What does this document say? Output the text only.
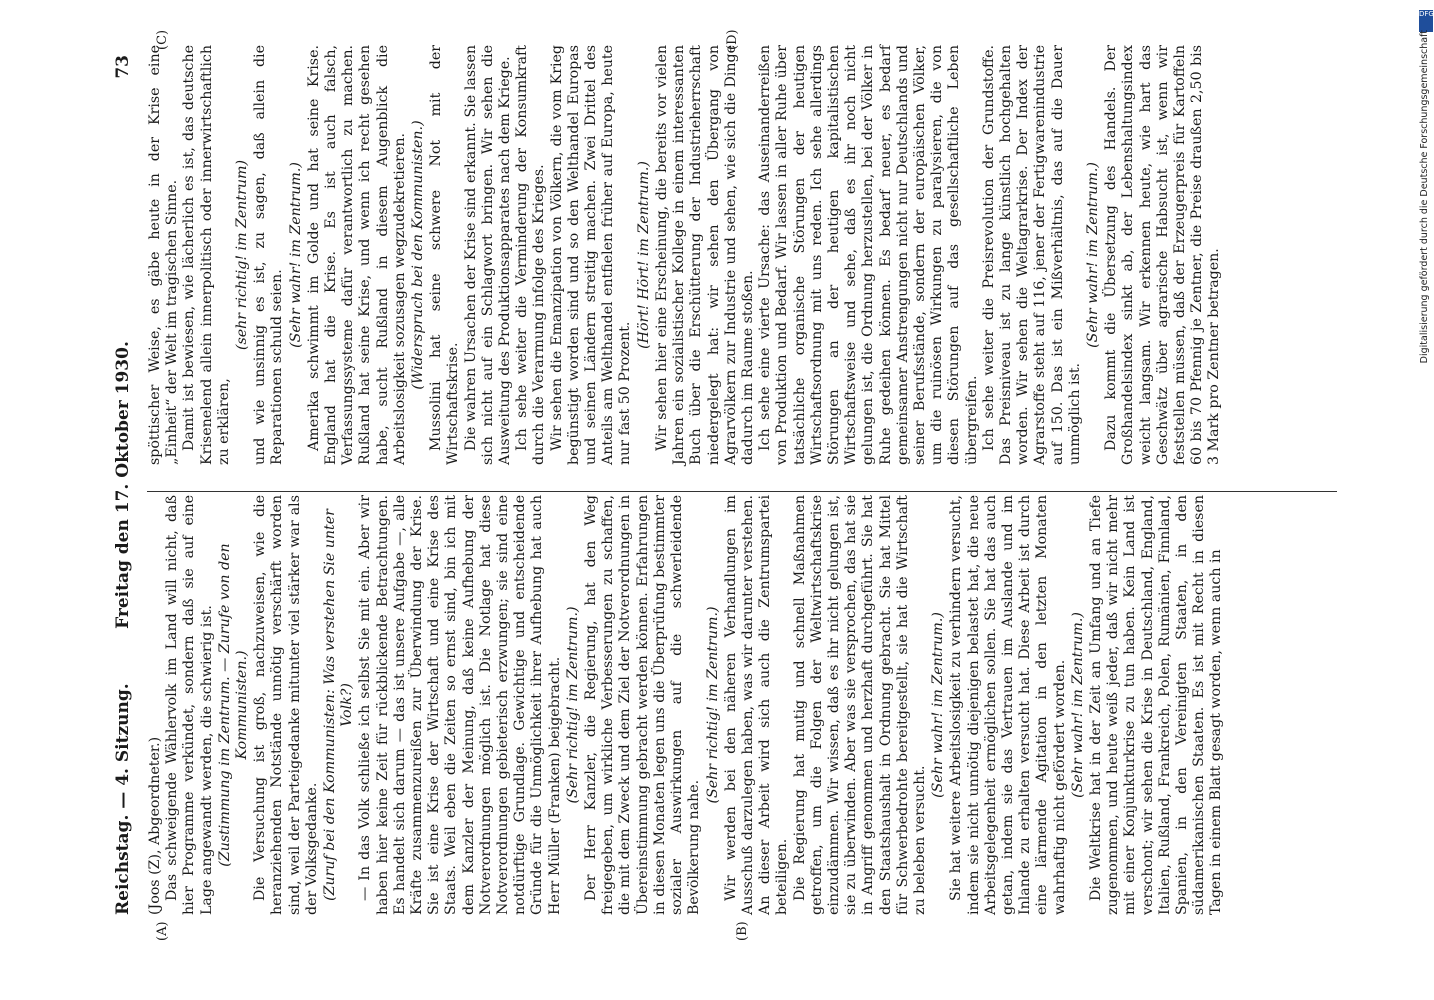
Reichstag. — 4. Sitzung.
Freitag den 17. Oktober 1930.
73

(Joos (Z), Abgeordneter.) Das schweigende Wählervolk im Land will nicht, daß hier Programme verkündet, sondern daß sie auf eine Lage angewandt werden, die schwierig ist. (Zustimmung im Zentrum. — Zurufe von den Kommunisten.) Die Versuchung ist groß, nachzuweisen, wie die heranziehenden Notstände unnötig verschärft worden sind, weil der Parteigedanke mitunter viel stärker war als der Volksgedanke. (Zuruf bei den Kommunisten: Was verstehen Sie unter Volk?) — In das Volk schließe ich selbst Sie mit ein. Aber wir haben hier keine Zeit für rückblickende Betrachtungen. Es handelt sich darum — das ist unsere Aufgabe —, alle Kräfte zusammenzureißen zur Überwindung der Krise. Sie ist eine Krise der Wirtschaft und eine Krise des Staats. Weil eben die Zeiten so ernst sind, bin ich mit dem Kanzler der Meinung, daß keine Aufhebung der Notverordnungen möglich ist. Die Notlage hat diese Notverordnungen gebieterisch erzwungen; sie sind eine notdürftige Grundlage. Gewichtige und entscheidende Gründe für die Unmöglichkeit ihrer Aufhebung hat auch Herr Müller (Franken) beigebracht. (Sehr richtig! im Zentrum.) Der Herr Kanzler, die Regierung, hat den Weg freigegeben, um wirkliche Verbesserungen zu schaffen, die mit dem Zweck und dem Ziel der Notverordnungen in Übereinstimmung gebracht werden können. Erfahrungen in diesen Monaten legen uns die Überprüfung bestimmter sozialer Auswirkungen auf die schwerleidende Bevölkerung nahe.

(Sehr richtig! im Zentrum.) Wir werden bei den näheren Verhandlungen im Ausschuß darzulegen haben, was wir darunter verstehen. An dieser Arbeit wird sich auch die Zentrumspartei beteiligen. Die Regierung hat mutig und schnell Maßnahmen getroffen, um die Folgen der Weltwirtschaftskrise einzudämmen. Wir wissen, daß es ihr nicht gelungen ist, sie zu überwinden. Aber was sie versprochen, das hat sie in Angriff genommen und herzhaft durchgeführt. Sie hat den Staatshaushalt in Ordnung gebracht. Sie hat Mittel für Schwerbedrohte bereitgestellt, sie hat die Wirtschaft zu beleben versucht.

(Sehr wahr! im Zentrum.) Sie hat weitere Arbeitslosigkeit zu verhindern versucht, indem sie nicht unnötig diejenigen belastet hat, die neue Arbeitsgelegenheit ermöglichen sollen. Sie hat das auch getan, indem sie das Vertrauen im Auslande und im Inlande zu erhalten versucht hat. Diese Arbeit ist durch eine lärmende Agitation in den letzten Monaten wahrhaftig nicht gefördert worden. (Sehr wahr! im Zentrum.) Die Weltkrise hat in der Zeit an Umfang und an Tiefe zugenommen, und heute weiß jeder, daß wir nicht mehr mit einer Konjunkturkrise zu tun haben. Kein Land ist verschont; wir sehen die Krise in Deutschland, England, Italien, Rußland, Frankreich, Polen, Rumänien, Finnland, Spanien, in den Vereinigten Staaten, in den südamerikanischen Staaten. Es ist mit Recht in diesen Tagen in einem Blatt gesagt worden, wenn auch in

spöttischer Weise, es gäbe heute in der Krise eine „Einheit“ der Welt im tragischen Sinne. Damit ist bewiesen, wie lächerlich es ist, das deutsche Krisenelend allein innerpolitisch oder innerwirtschaftlich zu erklären,

(sehr richtig! im Zentrum) und wie unsinnig es ist, zu sagen, daß allein die Reparationen schuld seien.

(Sehr wahr! im Zentrum.) Amerika schwimmt im Golde und hat seine Krise. England hat die Krise. Es ist auch falsch, Verfassungssysteme dafür verantwortlich zu machen. Rußland hat seine Krise, und wenn ich recht gesehen habe, sucht Rußland in diesem Augenblick die Arbeitslosigkeit sozusagen wegzudekretieren. (Widerspruch bei den Kommunisten.) Mussolini hat seine schwere Not mit der Wirtschaftskrise. Die wahren Ursachen der Krise sind erkannt. Sie lassen sich nicht auf ein Schlagwort bringen. Wir sehen die Ausweitung des Produktionsapparates nach dem Kriege. Ich sehe weiter die Verminderung der Konsumkraft durch die Verarmung infolge des Krieges. Wir sehen die Emanzipation von Völkern, die vom Krieg begünstigt worden sind und so den Welthandel Europas und seinen Ländern streitig machen. Zwei Drittel des Anteils am Welthandel entfielen früher auf Europa, heute nur fast 50 Prozent.

(Hört! Hört! im Zentrum.) Wir sehen hier eine Erscheinung, die bereits vor vielen Jahren ein sozialistischer Kollege in einem interessanten Buch über die Erschütterung der Industrieherrschaft niedergelegt hat: wir sehen den Übergang von Agrarvölkern zur Industrie und sehen, wie sich die Dinge dadurch im Raume stoßen. Ich sehe eine vierte Ursache: das Auseinanderreißen von Produktion und Bedarf. Wir lassen in aller Ruhe über tatsächliche organische Störungen der heutigen Wirtschaftsordnung mit uns reden. Ich sehe allerdings Störungen an der heutigen kapitalistischen Wirtschaftsweise und sehe, daß es ihr noch nicht gelungen ist, die Ordnung herzustellen, bei der Völker in Ruhe gedeihen können. Es bedarf neuer, es bedarf gemeinsamer Anstrengungen nicht nur Deutschlands und seiner Berufsstände, sondern der europäischen Völker, um die ruinösen Wirkungen zu paralysieren, die von diesen Störungen auf das gesellschaftliche Leben übergreifen. Ich sehe weiter die Preisrevolution der Grundstoffe. Das Preisniveau ist zu lange künstlich hochgehalten worden. Wir sehen die Weltagrarkrise. Der Index der Agrarstoffe steht auf 116, jener der Fertigwarenindustrie auf 150. Das ist ein Mißverhältnis, das auf die Dauer unmöglich ist.

(Sehr wahr! im Zentrum.) Dazu kommt die Übersetzung des Handels. Der Großhandelsindex sinkt ab, der Lebenshaltungsindex weicht langsam. Wir erkennen heute, wie hart das Geschwätz über agrarische Habsucht ist, wenn wir feststellen müssen, daß der Erzeugerpreis für Kartoffeln 60 bis 70 Pfennig je Zentner, die Preise draußen 2,50 bis 3 Mark pro Zentner betragen.

(A)	(B)
(C)	(D)
DFG
Digitalisierung gefördert durch die Deutsche Forschungsgemeinschaft
